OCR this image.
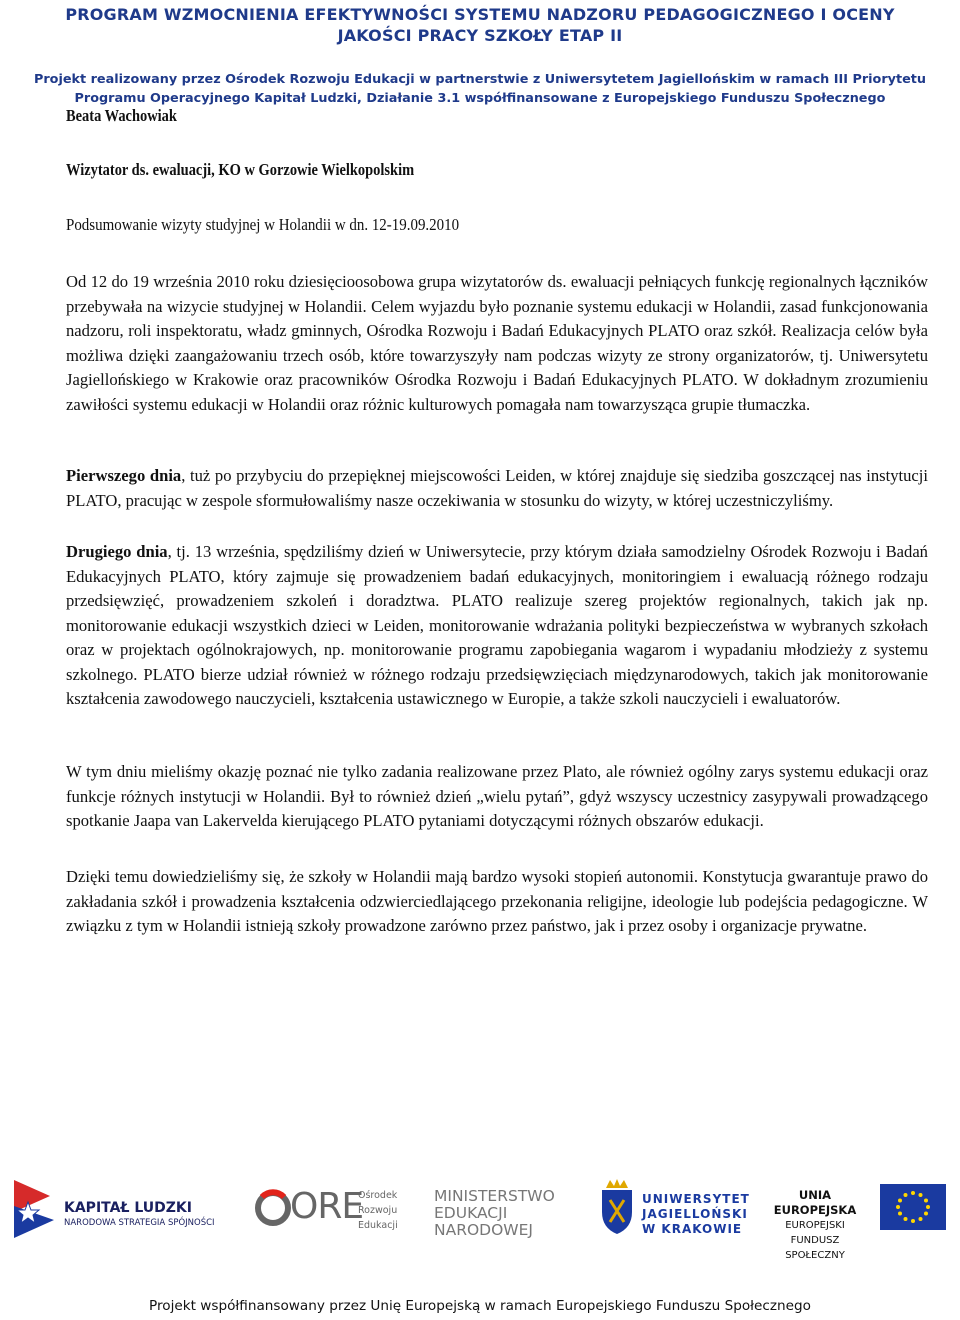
PROGRAM WZMOCNIENIA EFEKTYWNOŚCI SYSTEMU NADZORU PEDAGOGICZNEGO I OCENY
JAKOŚCI PRACY SZKOŁY ETAP II
Projekt realizowany przez Ośrodek Rozwoju Edukacji w partnerstwie z Uniwersytetem Jagiellońskim w ramach III Priorytetu
Programu Operacyjnego Kapitał Ludzki, Działanie 3.1 współfinansowane z Europejskiego Funduszu Społecznego
Beata Wachowiak
Wizytator ds. ewaluacji, KO w Gorzowie Wielkopolskim
Podsumowanie wizyty studyjnej w Holandii w dn. 12-19.09.2010
Od 12 do 19 września 2010 roku dziesięcioosobowa grupa wizytatorów ds. ewaluacji pełniących funkcję regionalnych łączników przebywała na wizycie studyjnej w Holandii. Celem wyjazdu było poznanie systemu edukacji w Holandii, zasad funkcjonowania nadzoru, roli inspektoratu, władz gminnych, Ośrodka Rozwoju i Badań Edukacyjnych PLATO oraz szkół. Realizacja celów była możliwa dzięki zaangażowaniu trzech osób, które towarzyszyły nam podczas wizyty ze strony organizatorów, tj. Uniwersytetu Jagiellońskiego w Krakowie oraz pracowników Ośrodka Rozwoju i Badań Edukacyjnych PLATO. W dokładnym zrozumieniu zawiłości systemu edukacji w Holandii oraz różnic kulturowych pomagała nam towarzysząca grupie tłumaczka.
Pierwszego dnia, tuż po przybyciu do przepięknej miejscowości Leiden, w której znajduje się siedziba goszczącej nas instytucji PLATO, pracując w zespole sformułowaliśmy nasze oczekiwania w stosunku do wizyty, w której uczestniczyliśmy.
Drugiego dnia, tj. 13 września, spędziliśmy dzień w Uniwersytecie, przy którym działa samodzielny Ośrodek Rozwoju i Badań Edukacyjnych PLATO, który zajmuje się prowadzeniem badań edukacyjnych, monitoringiem i ewaluacją różnego rodzaju przedsięwzięć, prowadzeniem szkoleń i doradztwa. PLATO realizuje szereg projektów regionalnych, takich jak np. monitorowanie edukacji wszystkich dzieci w Leiden, monitorowanie wdrażania polityki bezpieczeństwa w wybranych szkołach oraz w projektach ogólnokrajowych, np. monitorowanie programu zapobiegania wagarom i wypadaniu młodzieży z systemu szkolnego. PLATO bierze udział również w różnego rodzaju przedsięwzięciach międzynarodowych, takich jak monitorowanie kształcenia zawodowego nauczycieli, kształcenia ustawicznego w Europie, a także szkoli nauczycieli i ewaluatorów.
W tym dniu mieliśmy okazję poznać nie tylko zadania realizowane przez Plato, ale również ogólny zarys systemu edukacji oraz funkcje różnych instytucji w Holandii. Był to również dzień „wielu pytań”, gdyż wszyscy uczestnicy zasypywali prowadzącego spotkanie Jaapa van Lakervelda kierującego PLATO pytaniami dotyczącymi różnych obszarów edukacji.
Dzięki temu dowiedzieliśmy się, że szkoły w Holandii mają bardzo wysoki stopień autonomii. Konstytucja gwarantuje prawo do zakładania szkół i prowadzenia kształcenia odzwierciedlającego przekonania religijne, ideologie lub podejścia pedagogiczne. W związku z tym w Holandii istnieją szkoły prowadzone zarówno przez państwo, jak i przez osoby i organizacje prywatne.
KAPITAŁ LUDZKI
NARODOWA STRATEGIA SPÓJNOŚCI ORE
Ośrodek
Rozwoju
Edukacji
MINISTERSTWO
EDUKACJI
NARODOWEJ
UNIWERSYTET
JAGIELLOŃSKI
W KRAKOWIE
UNIA EUROPEJSKA
EUROPEJSKI
FUNDUSZ SPOŁECZNY
Projekt współfinansowany przez Unię Europejską w ramach Europejskiego Funduszu Społecznego
